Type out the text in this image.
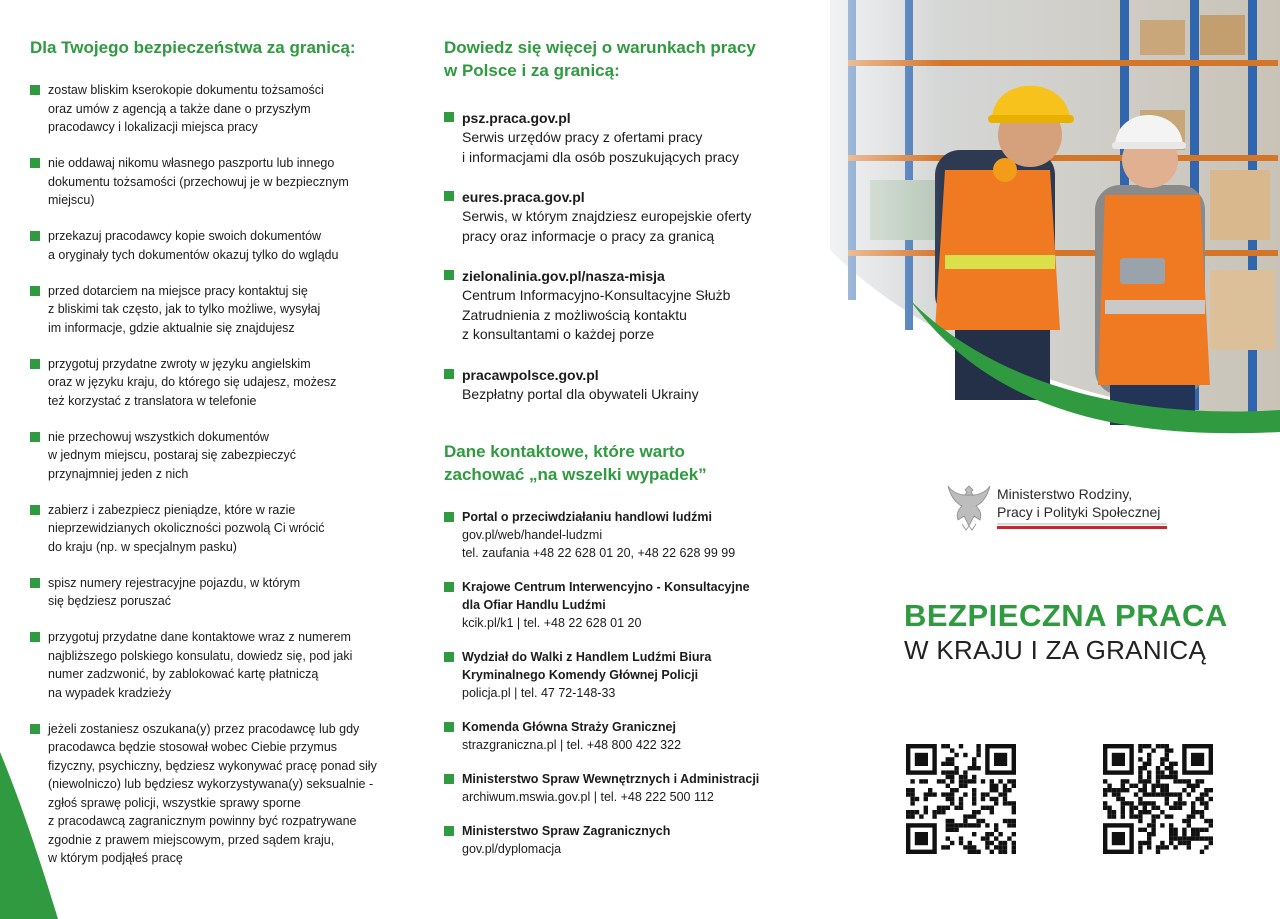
Dla Twojego bezpieczeństwa za granicą:
zostaw bliskim kserokopie dokumentu tożsamości
oraz umów z agencją a także dane o przyszłym
pracodawcy i lokalizacji miejsca pracy
nie oddawaj nikomu własnego paszportu lub innego
dokumentu tożsamości (przechowuj je w bezpiecznym
miejscu)
przekazuj pracodawcy kopie swoich dokumentów
a oryginały tych dokumentów okazuj tylko do wglądu
przed dotarciem na miejsce pracy kontaktuj się
z bliskimi tak często, jak to tylko możliwe, wysyłaj
im informacje, gdzie aktualnie się znajdujesz
przygotuj przydatne zwroty w języku angielskim
oraz w języku kraju, do którego się udajesz, możesz
też korzystać z translatora w telefonie
nie przechowuj wszystkich dokumentów
w jednym miejscu, postaraj się zabezpieczyć
przynajmniej jeden z nich
zabierz i zabezpiecz pieniądze, które w razie
nieprzewidzianych okoliczności pozwolą Ci wrócić
do kraju (np. w specjalnym pasku)
spisz numery rejestracyjne pojazdu, w którym
się będziesz poruszać
przygotuj przydatne dane kontaktowe wraz z numerem
najbliższego polskiego konsulatu, dowiedz się, pod jaki
numer zadzwonić, by zablokować kartę płatniczą
na wypadek kradzieży
jeżeli zostaniesz oszukana(y) przez pracodawcę lub gdy
pracodawca będzie stosował wobec Ciebie przymus
fizyczny, psychiczny, będziesz wykonywać pracę ponad siły
(niewolniczo) lub będziesz wykorzystywana(y) seksualnie -
zgłoś sprawę policji, wszystkie sprawy sporne
z pracodawcą zagranicznym powinny być rozpatrywane
zgodnie z prawem miejscowym, przed sądem kraju,
w którym podjąłeś pracę
Dowiedz się więcej o warunkach pracy
w Polsce i za granicą:
psz.praca.gov.pl
Serwis urzędów pracy z ofertami pracy
i informacjami dla osób poszukujących pracy
eures.praca.gov.pl
Serwis, w którym znajdziesz europejskie oferty
pracy oraz informacje o pracy za granicą
zielonalinia.gov.pl/nasza-misja
Centrum Informacyjno-Konsultacyjne Służb
Zatrudnienia z możliwością kontaktu
z konsultantami o każdej porze
pracawpolsce.gov.pl
Bezpłatny portal dla obywateli Ukrainy
Dane kontaktowe, które warto
zachować „na wszelki wypadek”
Portal o przeciwdziałaniu handlowi ludźmi
gov.pl/web/handel-ludzmi
tel. zaufania +48 22 628 01 20, +48 22 628 99 99
Krajowe Centrum Interwencyjno - Konsultacyjne
dla Ofiar Handlu Ludźmi
kcik.pl/k1 | tel. +48 22 628 01 20
Wydział do Walki z Handlem Ludźmi Biura
Kryminalnego Komendy Głównej Policji
policja.pl | tel. 47 72-148-33
Komenda Główna Straży Granicznej
strazgraniczna.pl | tel. +48 800 422 322
Ministerstwo Spraw Wewnętrznych i Administracji
archiwum.mswia.gov.pl | tel. +48 222 500 112
Ministerstwo Spraw Zagranicznych
gov.pl/dyplomacja
Ministerstwo Rodziny,
Pracy i Polityki Społecznej
BEZPIECZNA PRACA
W KRAJU I ZA GRANICĄ
